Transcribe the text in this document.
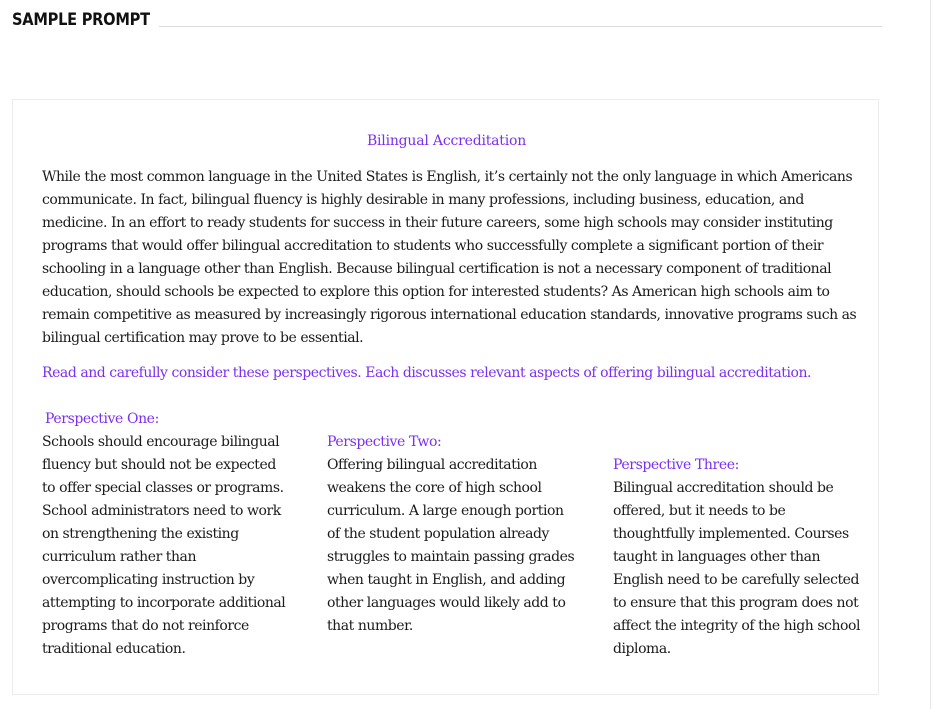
SAMPLE PROMPT
Bilingual Accreditation

While the most common language in the United States is English, it’s certainly not the only language in which Americans communicate. In fact, bilingual fluency is highly desirable in many professions, including business, education, and medicine. In an effort to ready students for success in their future careers, some high schools may consider instituting programs that would offer bilingual accreditation to students who successfully complete a significant portion of their schooling in a language other than English. Because bilingual certification is not a necessary component of traditional education, should schools be expected to explore this option for interested students? As American high schools aim to remain competitive as measured by increasingly rigorous international education standards, innovative programs such as bilingual certification may prove to be essential.

Read and carefully consider these perspectives. Each discusses relevant aspects of offering bilingual accreditation.

Perspective One:

Schools should encourage bilingual fluency but should not be expected to offer special classes or programs. School administrators need to work on strengthening the existing curriculum rather than overcomplicating instruction by attempting to incorporate additional programs that do not reinforce traditional education.

Perspective Two:

Offering bilingual accreditation weakens the core of high school curriculum. A large enough portion of the student population already struggles to maintain passing grades when taught in English, and adding other languages would likely add to that number.

Perspective Three:

Bilingual accreditation should be offered, but it needs to be thoughtfully implemented. Courses taught in languages other than English need to be carefully selected to ensure that this program does not affect the integrity of the high school diploma.
